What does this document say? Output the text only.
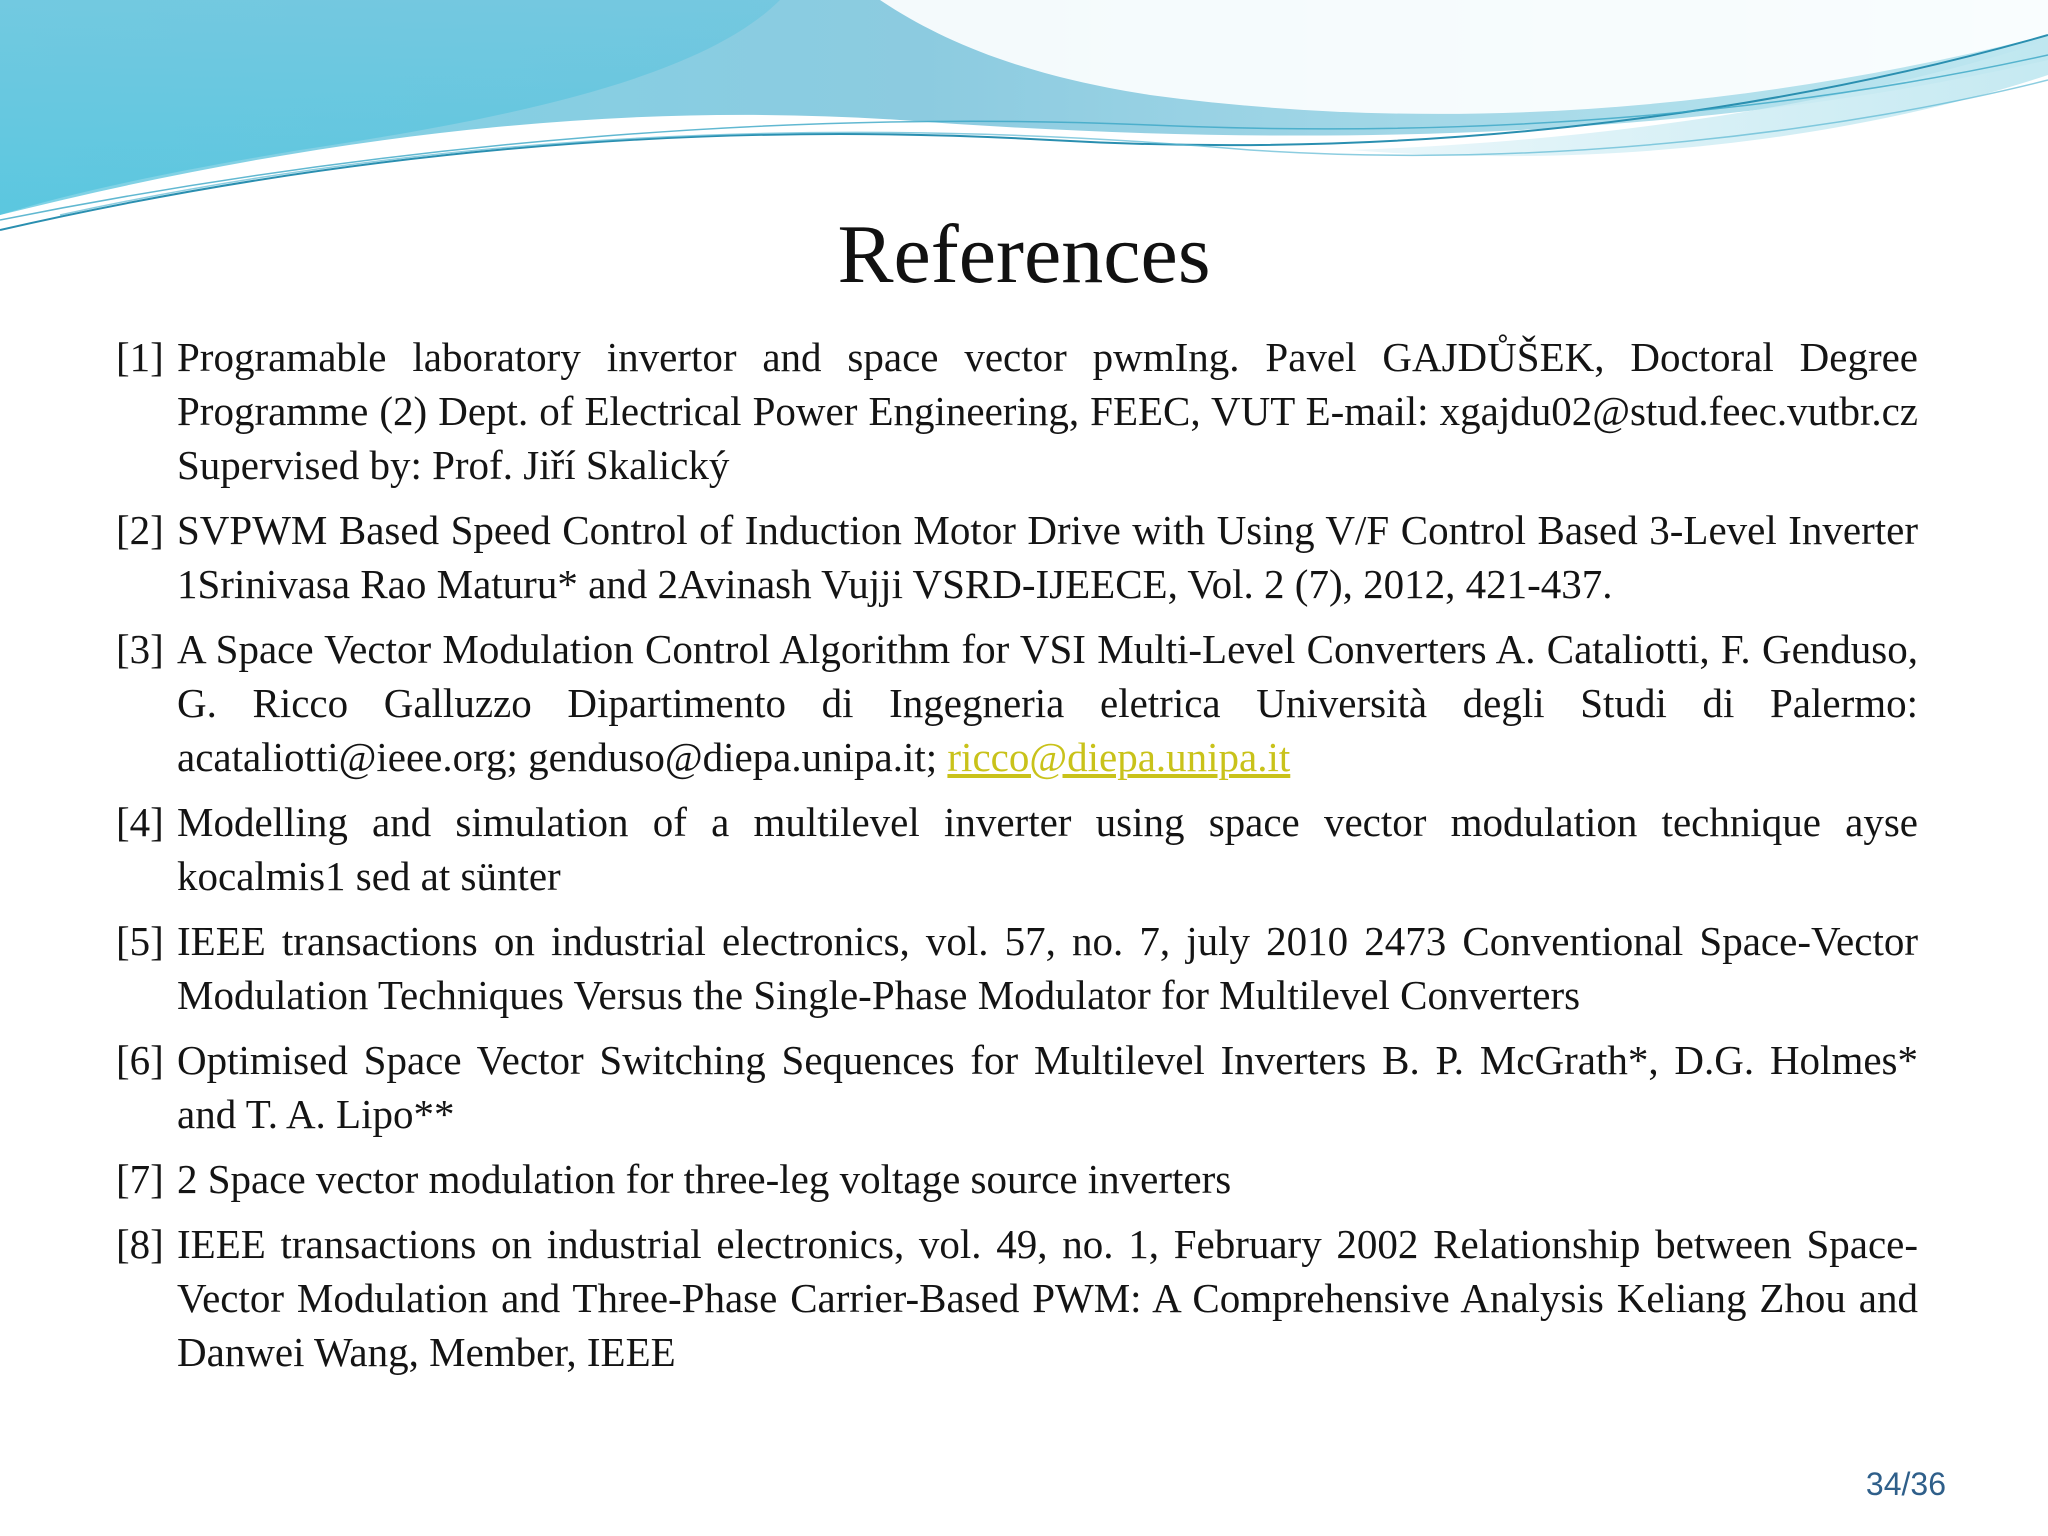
References
[1] Programable laboratory invertor and space vector pwmIng. Pavel GAJDŮŠEK, Doctoral Degree Programme (2) Dept. of Electrical Power Engineering, FEEC, VUT E-mail: xgajdu02@stud.feec.vutbr.cz Supervised by: Prof. Jiří Skalický
[2] SVPWM Based Speed Control of Induction Motor Drive with Using V/F Control Based 3-Level Inverter 1Srinivasa Rao Maturu* and 2Avinash Vujji VSRD-IJEECE, Vol. 2 (7), 2012, 421-437.
[3] A Space Vector Modulation Control Algorithm for VSI Multi-Level Converters A. Cataliotti, F. Genduso, G. Ricco Galluzzo Dipartimento di Ingegneria eletrica Università degli Studi di Palermo: acataliotti@ieee.org; genduso@diepa.unipa.it; ricco@diepa.unipa.it
[4] Modelling and simulation of a multilevel inverter using space vector modulation technique ayse kocalmis1 sed at sünter
[5] IEEE transactions on industrial electronics, vol. 57, no. 7, july 2010 2473 Conventional Space-Vector Modulation Techniques Versus the Single-Phase Modulator for Multilevel Converters
[6] Optimised Space Vector Switching Sequences for Multilevel Inverters B. P. McGrath*, D.G. Holmes* and T. A. Lipo**
[7] 2 Space vector modulation for three-leg voltage source inverters
[8] IEEE transactions on industrial electronics, vol. 49, no. 1, February 2002 Relationship between Space-Vector Modulation and Three-Phase Carrier-Based PWM: A Comprehensive Analysis Keliang Zhou and Danwei Wang, Member, IEEE
34/36
